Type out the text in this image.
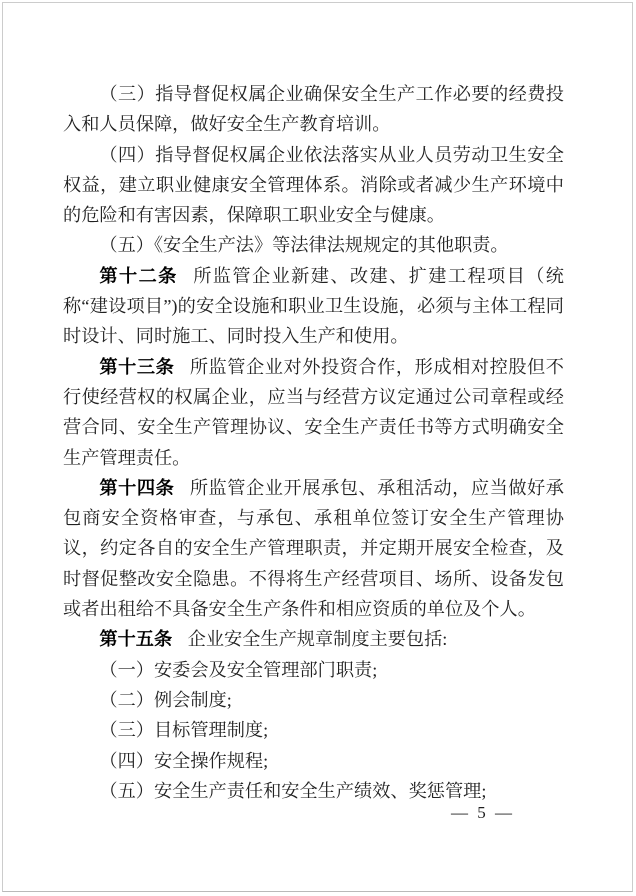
（三）指导督促权属企业确保安全生产工作必要的经费投入和人员保障，做好安全生产教育培训。

（四）指导督促权属企业依法落实从业人员劳动卫生安全权益，建立职业健康安全管理体系。消除或者减少生产环境中的危险和有害因素，保障职工职业安全与健康。

（五）《安全生产法》等法律法规规定的其他职责。

第十二条 所监管企业新建、改建、扩建工程项目（统称“建设项目”)的安全设施和职业卫生设施，必须与主体工程同时设计、同时施工、同时投入生产和使用。

第十三条 所监管企业对外投资合作，形成相对控股但不行使经营权的权属企业，应当与经营方议定通过公司章程或经营合同、安全生产管理协议、安全生产责任书等方式明确安全生产管理责任。

第十四条 所监管企业开展承包、承租活动，应当做好承包商安全资格审查，与承包、承租单位签订安全生产管理协议，约定各自的安全生产管理职责，并定期开展安全检查，及时督促整改安全隐患。不得将生产经营项目、场所、设备发包或者出租给不具备安全生产条件和相应资质的单位及个人。

第十五条 企业安全生产规章制度主要包括:

（一）安委会及安全管理部门职责;

（二）例会制度;

（三）目标管理制度;

（四）安全操作规程;

（五）安全生产责任和安全生产绩效、奖惩管理;

— 5 —
